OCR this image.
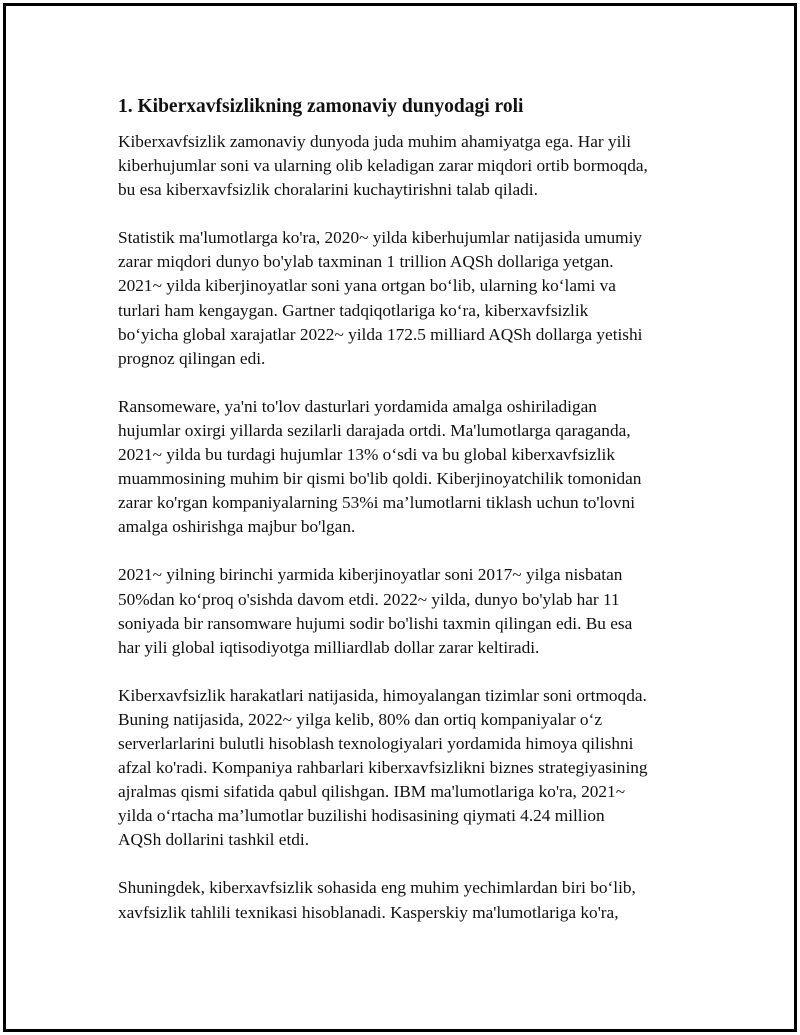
1. Kiberxavfsizlikning zamonaviy dunyodagi roli

Kiberxavfsizlik zamonaviy dunyoda juda muhim ahamiyatga ega. Har yili
kiberhujumlar soni va ularning olib keladigan zarar miqdori ortib bormoqda,
bu esa kiberxavfsizlik choralarini kuchaytirishni talab qiladi.

Statistik ma'lumotlarga ko'ra, 2020~ yilda kiberhujumlar natijasida umumiy
zarar miqdori dunyo bo'ylab taxminan 1 trillion AQSh dollariga yetgan.
2021~ yilda kiberjinoyatlar soni yana ortgan bo‘lib, ularning ko‘lami va
turlari ham kengaygan. Gartner tadqiqotlariga ko‘ra, kiberxavfsizlik
bo‘yicha global xarajatlar 2022~ yilda 172.5 milliard AQSh dollarga yetishi
prognoz qilingan edi.

Ransomeware, ya'ni to'lov dasturlari yordamida amalga oshiriladigan
hujumlar oxirgi yillarda sezilarli darajada ortdi. Ma'lumotlarga qaraganda,
2021~ yilda bu turdagi hujumlar 13% o‘sdi va bu global kiberxavfsizlik
muammosining muhim bir qismi bo'lib qoldi. Kiberjinoyatchilik tomonidan
zarar ko'rgan kompaniyalarning 53%i ma’lumotlarni tiklash uchun to'lovni
amalga oshirishga majbur bo'lgan.

2021~ yilning birinchi yarmida kiberjinoyatlar soni 2017~ yilga nisbatan
50%dan ko‘proq o'sishda davom etdi. 2022~ yilda, dunyo bo'ylab har 11
soniyada bir ransomware hujumi sodir bo'lishi taxmin qilingan edi. Bu esa
har yili global iqtisodiyotga milliardlab dollar zarar keltiradi.

Kiberxavfsizlik harakatlari natijasida, himoyalangan tizimlar soni ortmoqda.
Buning natijasida, 2022~ yilga kelib, 80% dan ortiq kompaniyalar o‘z
serverlarlarini bulutli hisoblash texnologiyalari yordamida himoya qilishni
afzal ko'radi. Kompaniya rahbarlari kiberxavfsizlikni biznes strategiyasining
ajralmas qismi sifatida qabul qilishgan. IBM ma'lumotlariga ko'ra, 2021~
yilda o‘rtacha ma’lumotlar buzilishi hodisasining qiymati 4.24 million
AQSh dollarini tashkil etdi.

Shuningdek, kiberxavfsizlik sohasida eng muhim yechimlardan biri bo‘lib,
xavfsizlik tahlili texnikasi hisoblanadi. Kasperskiy ma'lumotlariga ko'ra,
